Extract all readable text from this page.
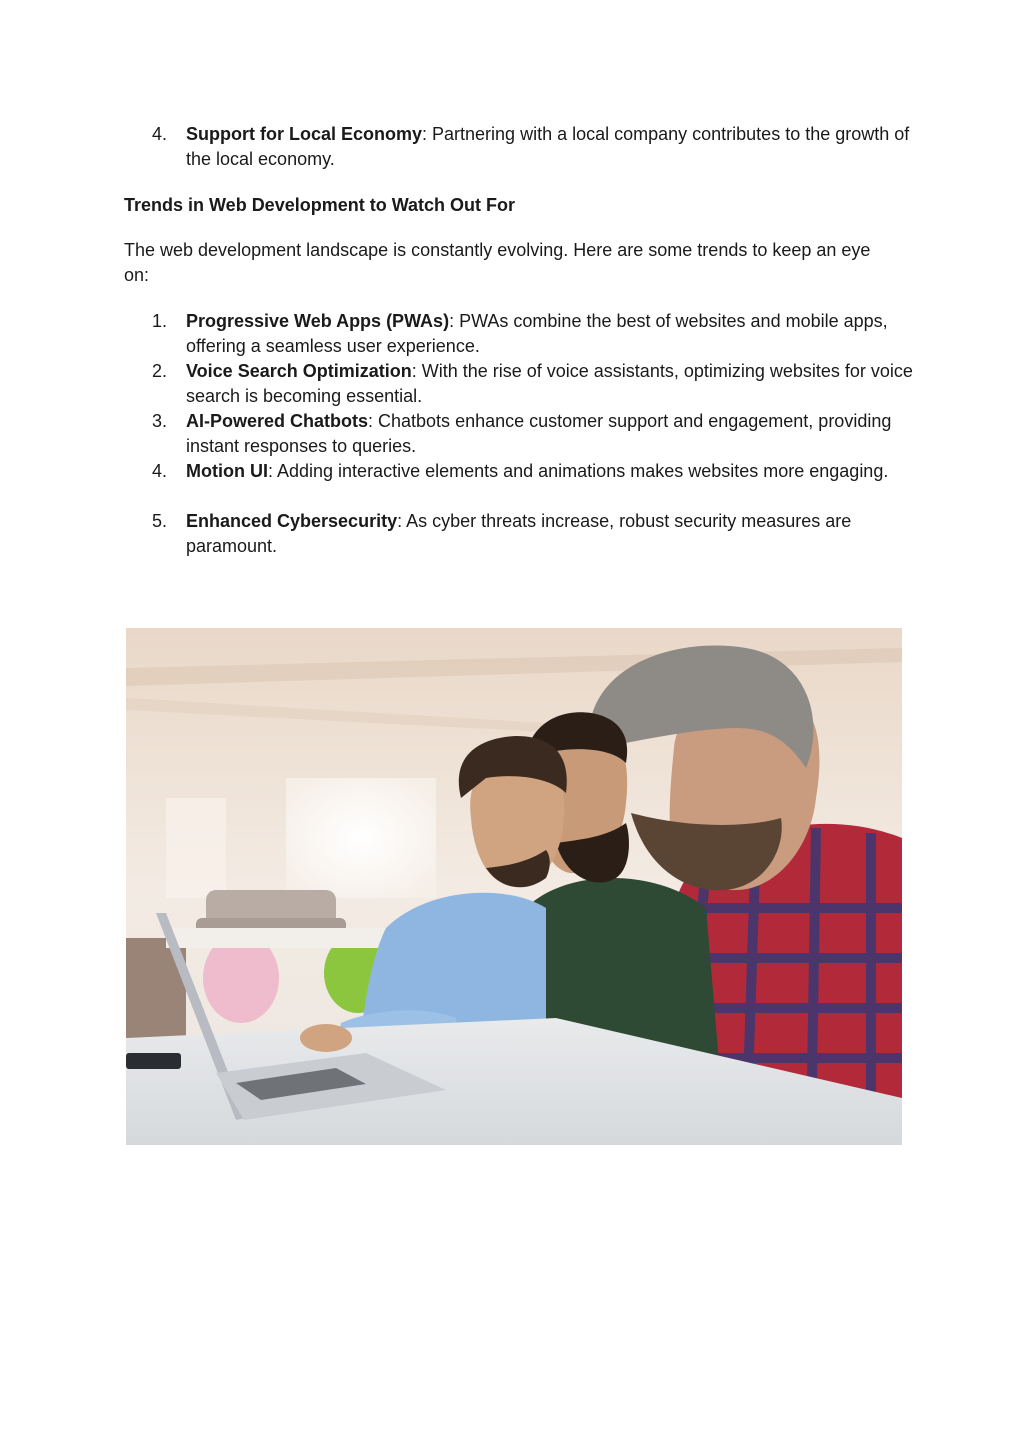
4.	Support for Local Economy: Partnering with a local company contributes to the growth of the local economy.
Trends in Web Development to Watch Out For
The web development landscape is constantly evolving. Here are some trends to keep an eye on:
1.	Progressive Web Apps (PWAs): PWAs combine the best of websites and mobile apps, offering a seamless user experience.
2.	Voice Search Optimization: With the rise of voice assistants, optimizing websites for voice search is becoming essential.
3.	AI-Powered Chatbots: Chatbots enhance customer support and engagement, providing instant responses to queries.
4.	Motion UI: Adding interactive elements and animations makes websites more engaging.
5.	Enhanced Cybersecurity: As cyber threats increase, robust security measures are paramount.
